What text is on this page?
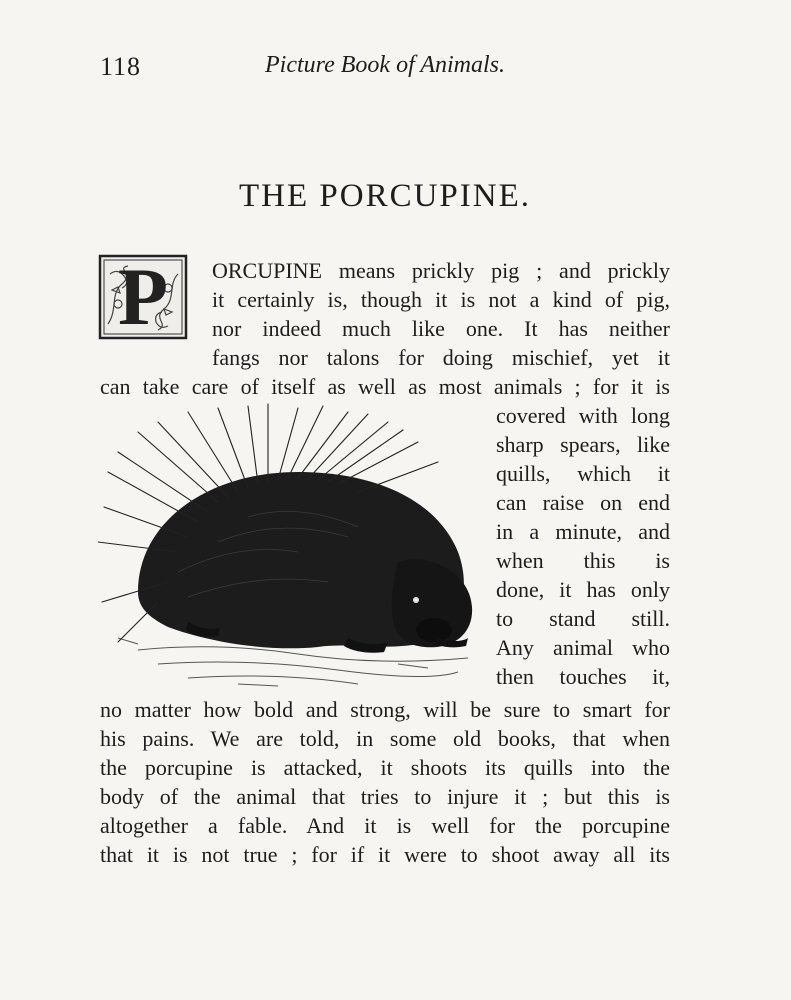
118	Picture Book of Animals.
THE PORCUPINE.
P	ORCUPINE means prickly pig ; and prickly
it certainly is, though it is not a kind of pig,
nor indeed much like one. It has neither
fangs nor talons for doing mischief, yet it
can take care of itself as well as most animals ; for it is
covered with long
sharp spears, like
quills, which it
can raise on end
in a minute, and
when this is
done, it has only
to stand still.
Any animal who
then touches it,
no matter how bold and strong, will be sure to smart for
his pains. We are told, in some old books, that when
the porcupine is attacked, it shoots its quills into the
body of the animal that tries to injure it ; but this is
altogether a fable. And it is well for the porcupine
that it is not true ; for if it were to shoot away all its
